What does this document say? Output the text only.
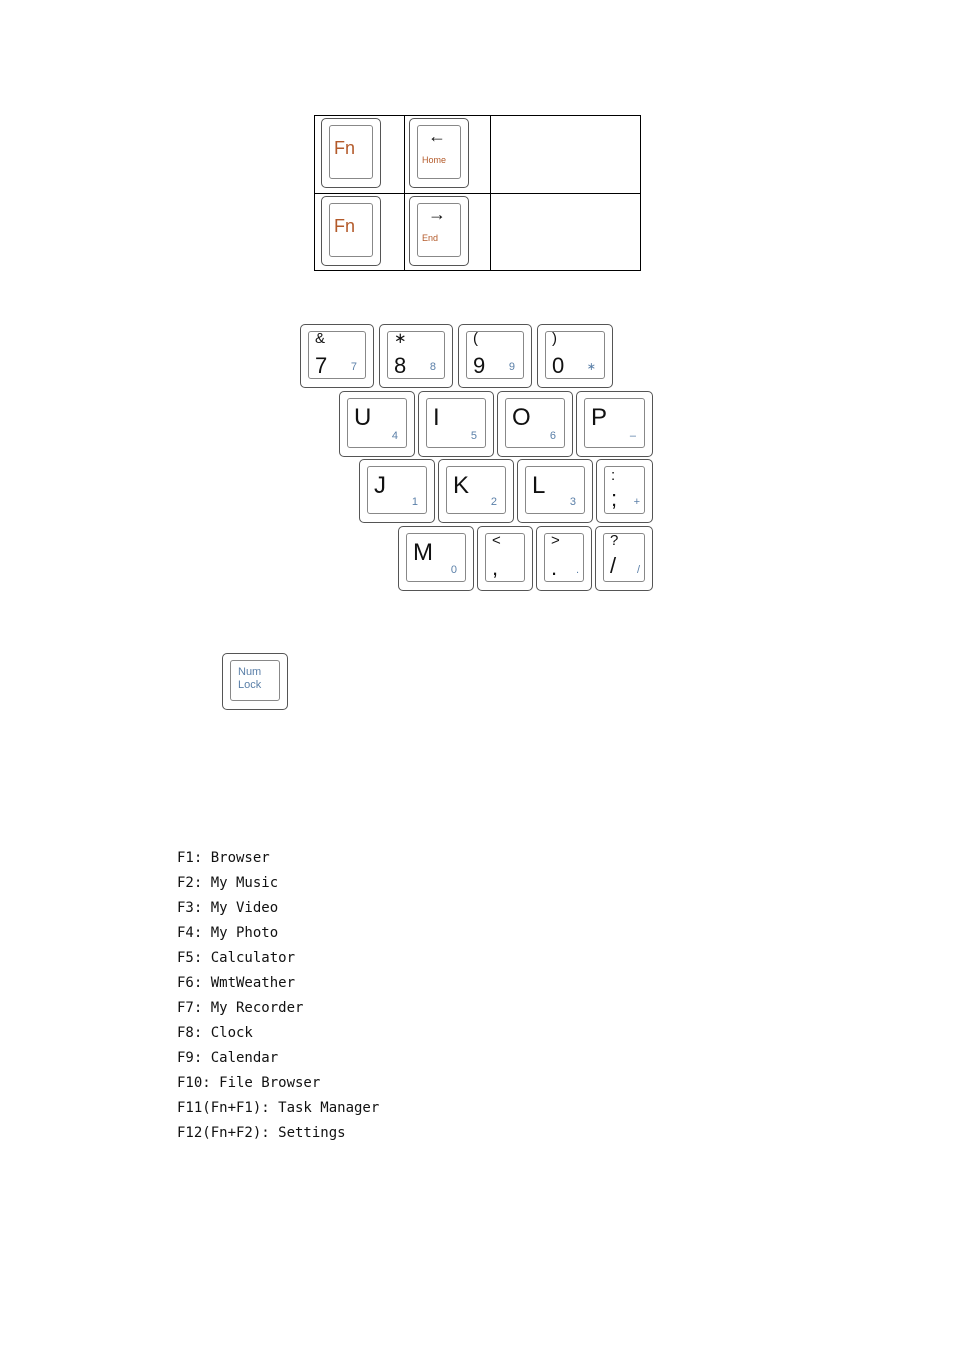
Fn	←
Home	

Fn	→
End	

&
7 7
∗
8 8
(
9 9
)
0 ∗
U
4
I
5
O
6
P
–
J
1
K
2
L
3
:
; +
M
0
<
,
>
. .
?
/ /
Num
Lock
F1: Browser
F2: My Music
F3: My Video
F4: My Photo
F5: Calculator
F6: WmtWeather
F7: My Recorder
F8: Clock
F9: Calendar
F10: File Browser
F11(Fn+F1): Task Manager
F12(Fn+F2): Settings
